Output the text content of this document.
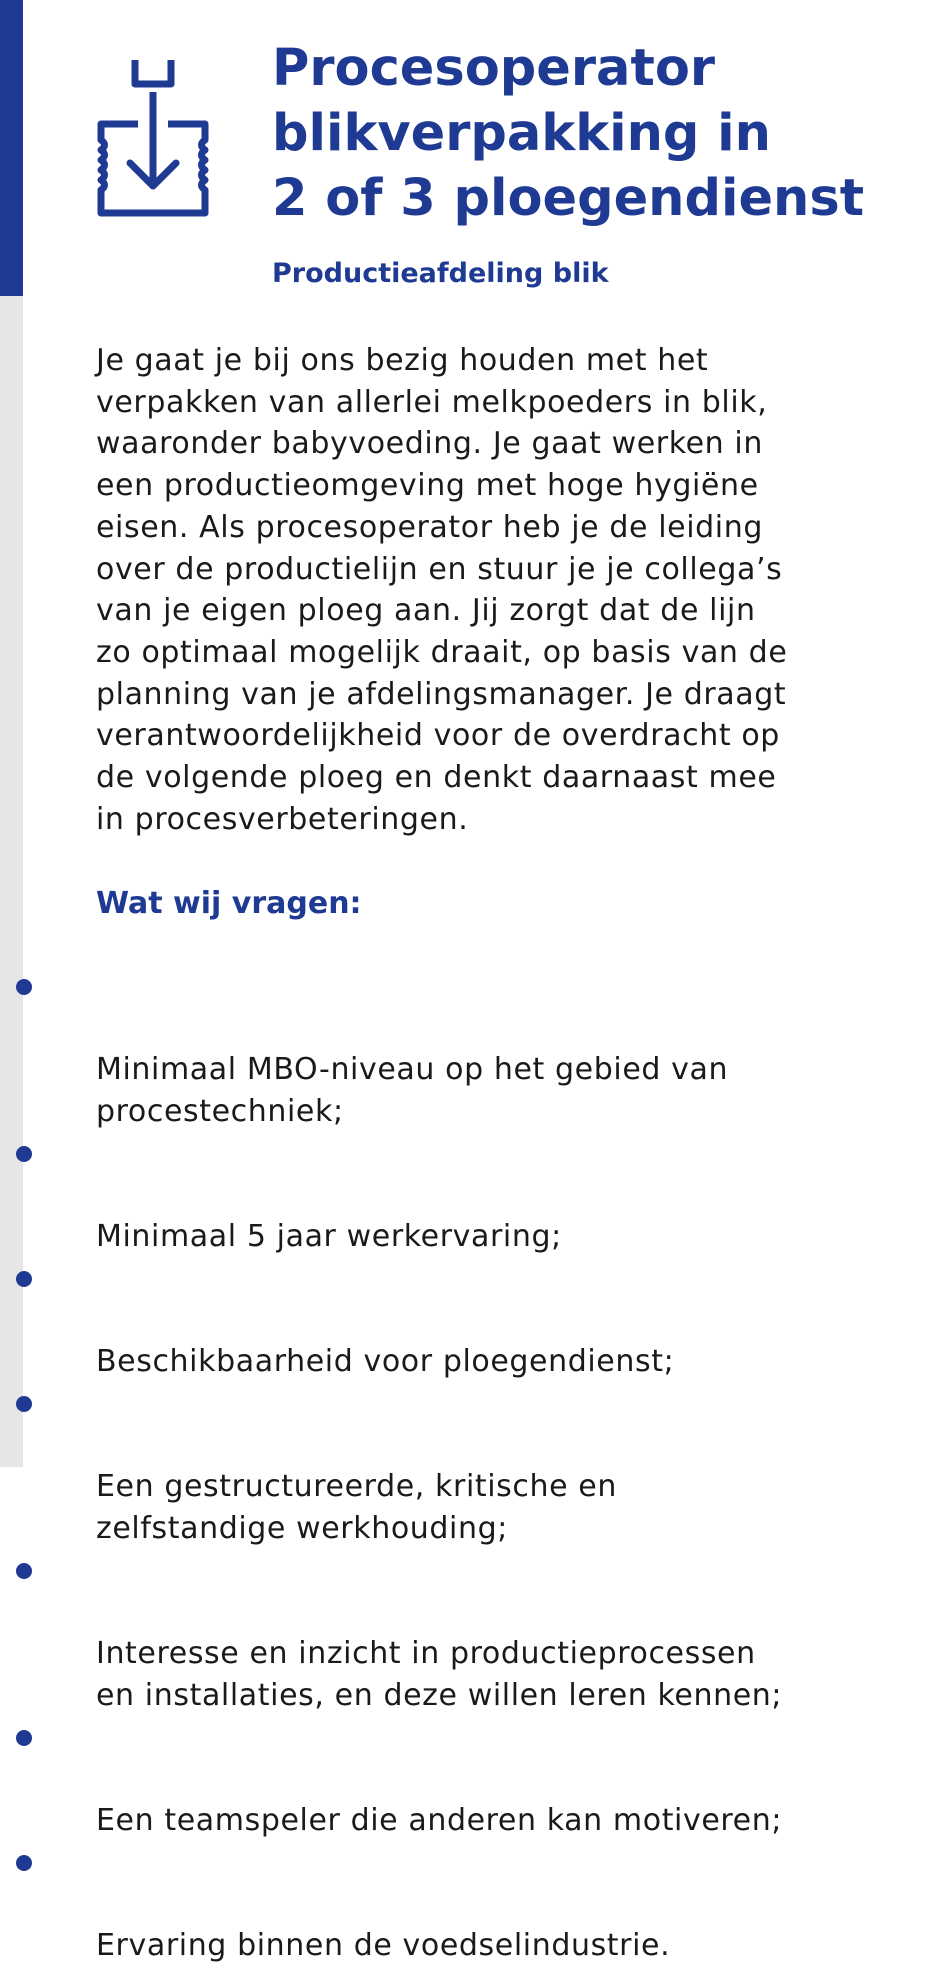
Procesoperator
blikverpakking in
2 of 3 ploegendienst
Productieafdeling blik

Je gaat je bij ons bezig houden met het
verpakken van allerlei melkpoeders in blik,
waaronder babyvoeding. Je gaat werken in
een productieomgeving met hoge hygiëne
eisen. Als procesoperator heb je de leiding
over de productielijn en stuur je je collega’s
van je eigen ploeg aan. Jij zorgt dat de lijn
zo optimaal mogelijk draait, op basis van de
planning van je afdelingsmanager. Je draagt
verantwoordelijkheid voor de overdracht op
de volgende ploeg en denkt daarnaast mee
in procesverbeteringen.

Wat wij vragen:

Minimaal MBO-niveau op het gebied van
procestechniek;

Minimaal 5 jaar werkervaring;

Beschikbaarheid voor ploegendienst;

Een gestructureerde, kritische en
zelfstandige werkhouding;

Interesse en inzicht in productieprocessen
en installaties, en deze willen leren kennen;

Een teamspeler die anderen kan motiveren;

Ervaring binnen de voedselindustrie.
